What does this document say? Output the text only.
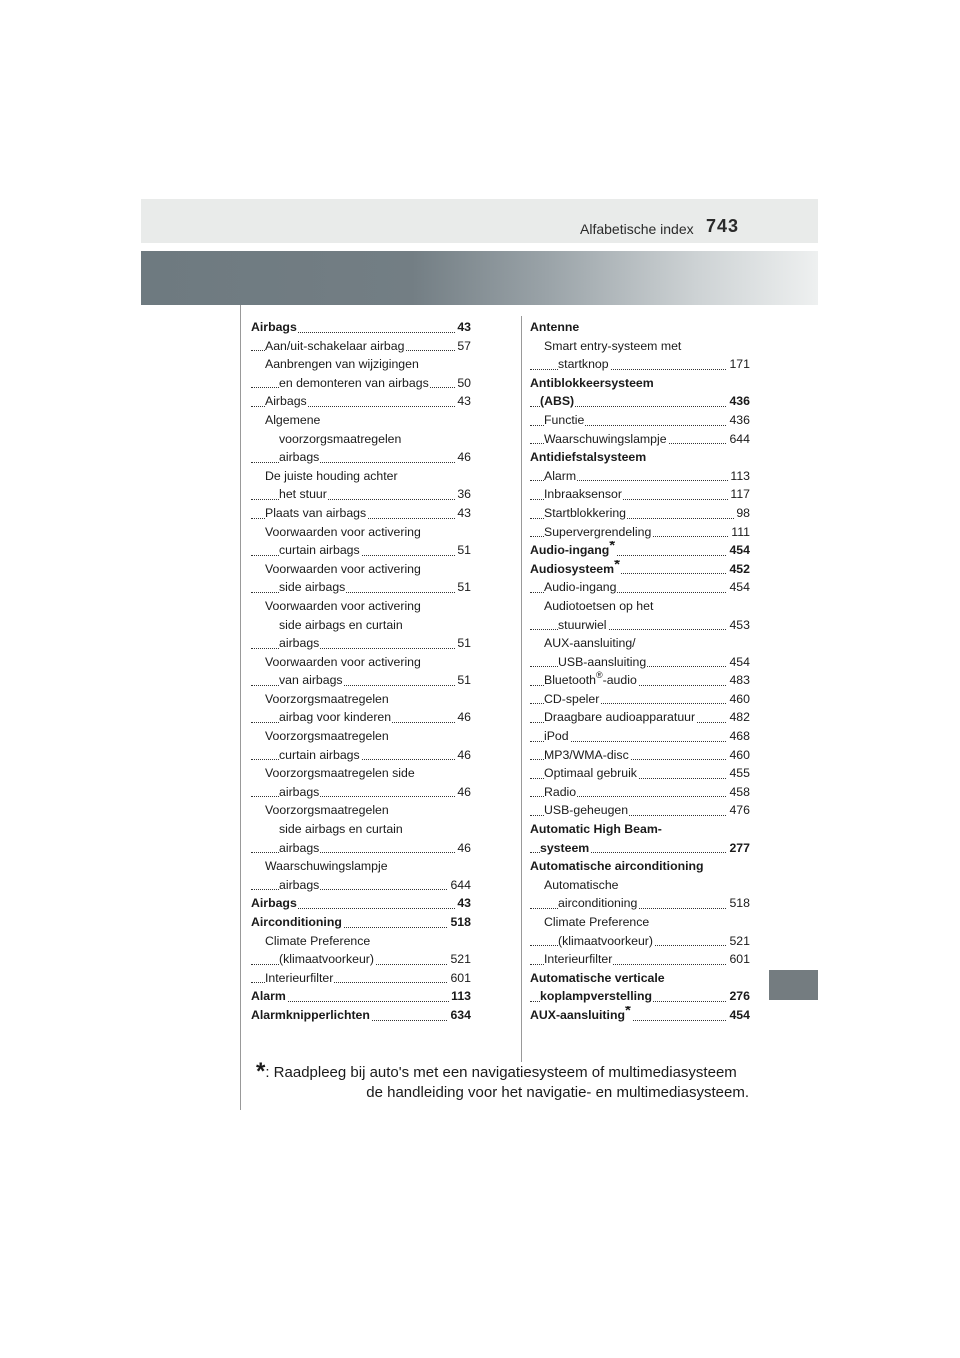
Alfabetische index 743
Airbags	43
Aan/uit-schakelaar airbag	57
Aanbrengen van wijzigingen
en demonteren van airbags 50
Airbags	43
Algemene
voorzorgsmaatregelen
airbags	46
De juiste houding achter
het stuur	36
Plaats van airbags	43
Voorwaarden voor activering
curtain airbags	51
Voorwaarden voor activering
side airbags	51
Voorwaarden voor activering
side airbags en curtain
airbags	51
Voorwaarden voor activering
van airbags	51
Voorzorgsmaatregelen
airbag voor kinderen	46
Voorzorgsmaatregelen
curtain airbags	46
Voorzorgsmaatregelen side
airbags	46
Voorzorgsmaatregelen
side airbags en curtain
airbags	46
Waarschuwingslampje
airbags	644
Airbags	43
Airconditioning	518
Climate Preference
(klimaatvoorkeur)	521
Interieurfilter	601
Alarm	113
Alarmknipperlichten	634
Antenne
Smart entry-systeem met
startknop	171
Antiblokkeersysteem
(ABS)	436
Functie	436
Waarschuwingslampje	644
Antidiefstalsysteem
Alarm	113
Inbraaksensor	117
Startblokkering	98
Supervergrendeling	111
Audio-ingang*	454
Audiosysteem*	452
Audio-ingang	454
Audiotoetsen op het
stuurwiel	453
AUX-aansluiting/
USB-aansluiting	454
Bluetooth®-audio	483
CD-speler	460
Draagbare audioapparatuur	482
iPod	468
MP3/WMA-disc	460
Optimaal gebruik	455
Radio	458
USB-geheugen	476
Automatic High Beam-
systeem	277
Automatische airconditioning
Automatische
airconditioning	518
Climate Preference
(klimaatvoorkeur)	521
Interieurfilter	601
Automatische verticale
koplampverstelling	276
AUX-aansluiting*	454
*: Raadpleeg bij auto's met een navigatiesysteem of multimediasysteem
de handleiding voor het navigatie- en multimediasysteem.
